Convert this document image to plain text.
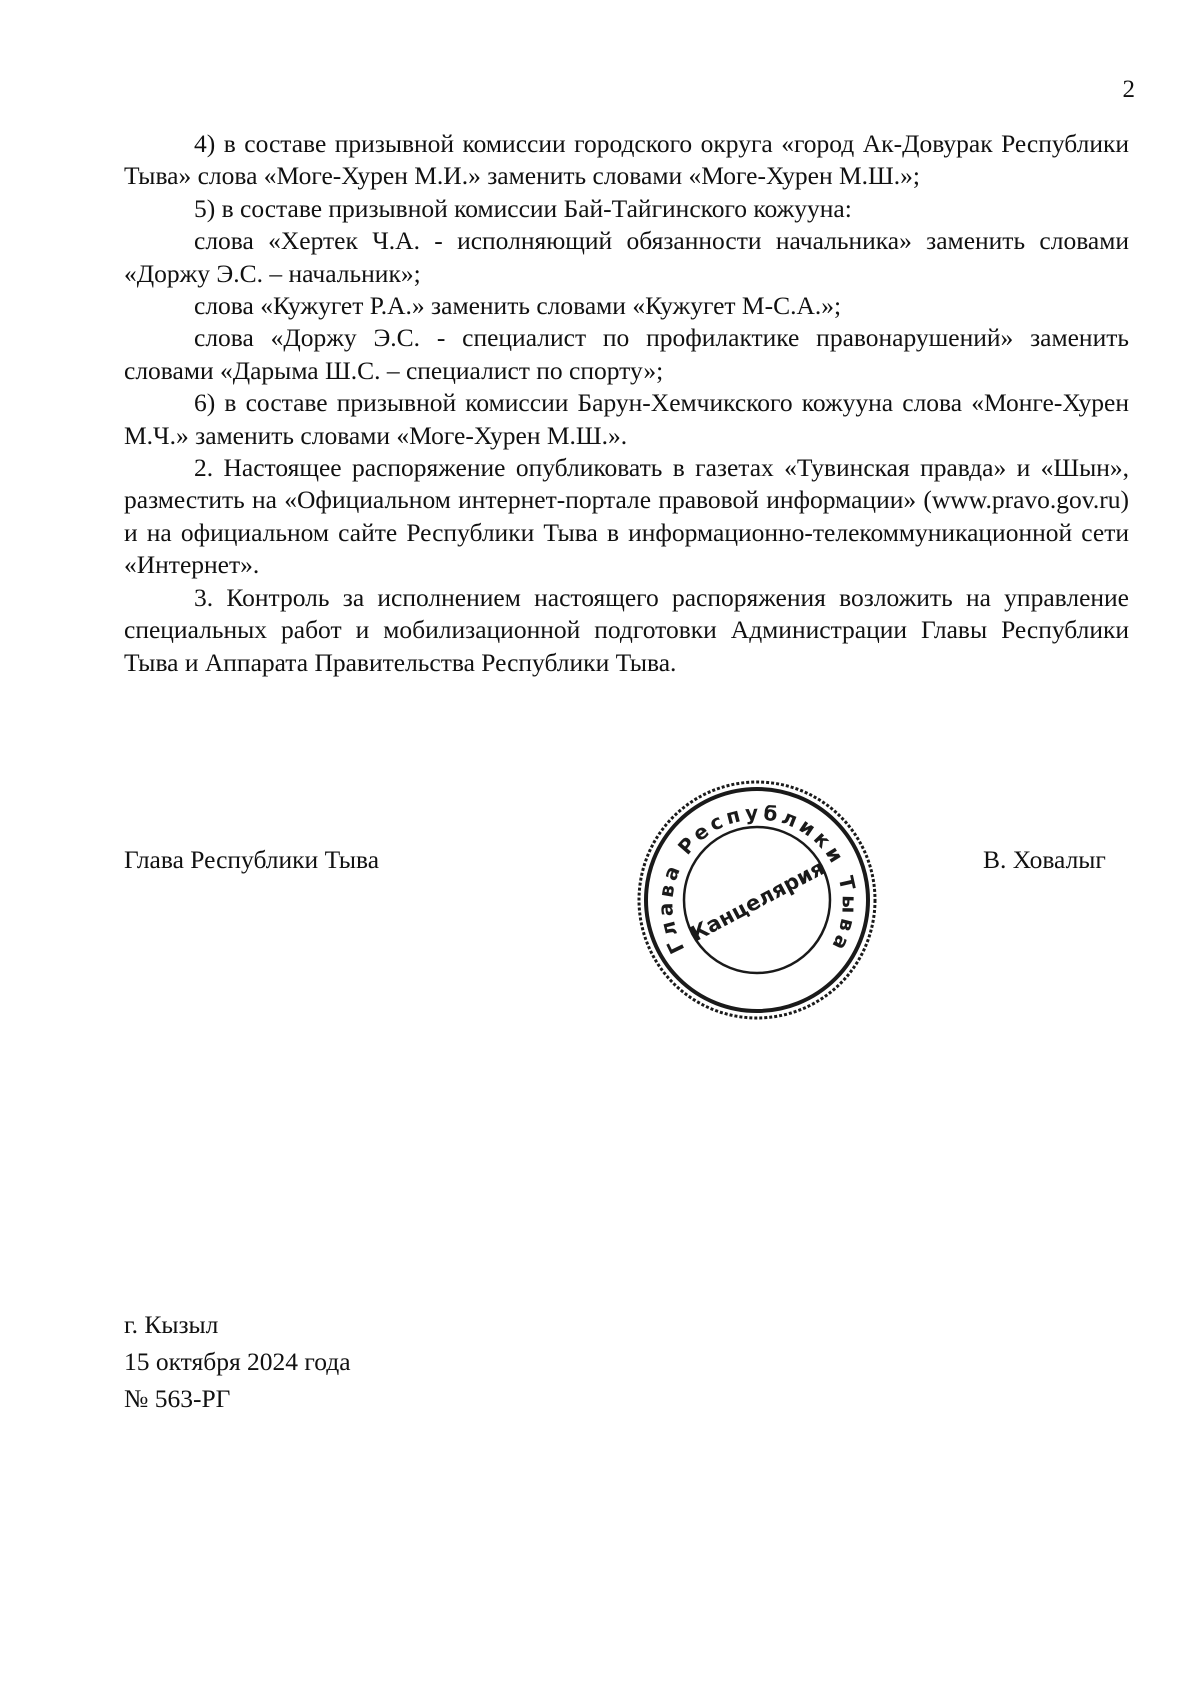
2

4) в составе призывной комиссии городского округа «город Ак-Довурак Республики Тыва» слова «Моге-Хурен М.И.» заменить словами «Моге-Хурен М.Ш.»;

5) в составе призывной комиссии Бай-Тайгинского кожууна:

слова «Хертек Ч.А. - исполняющий обязанности начальника» заменить словами «Доржу Э.С. – начальник»;

слова «Кужугет Р.А.» заменить словами «Кужугет М-С.А.»;

слова «Доржу Э.С. - специалист по профилактике правонарушений» заменить словами «Дарыма Ш.С. – специалист по спорту»;

6) в составе призывной комиссии Барун-Хемчикского кожууна слова «Монге-Хурен М.Ч.» заменить словами «Моге-Хурен М.Ш.».

2. Настоящее распоряжение опубликовать в газетах «Тувинская правда» и «Шын», разместить на «Официальном интернет-портале правовой информации» (www.pravo.gov.ru) и на официальном сайте Республики Тыва в информационно-телекоммуникационной сети «Интернет».

3. Контроль за исполнением настоящего распоряжения возложить на управление специальных работ и мобилизационной подготовки Администрации Главы Республики Тыва и Аппарата Правительства Республики Тыва.

Глава Республики Тыва
Глава Республики Тыва
Канцелярия	В. Ховалыг
г. Кызыл
15 октября 2024 года
№ 563-РГ
